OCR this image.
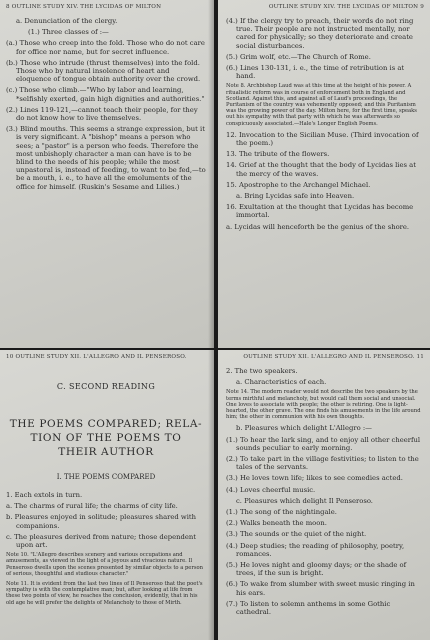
8 OUTLINE STUDY XIV. THE LYCIDAS OF MILTON

a. Denunciation of the clergy.

(1.) Three classes of :—

(a.) Those who creep into the fold. Those who do not care for office nor name, but for secret influence.

(b.) Those who intrude (thrust themselves) into the fold. Those who by natural insolence of heart and eloquence of tongue obtain authority over the crowd.

(c.) Those who climb.—"Who by labor and learning, *selfishly exerted, gain high dignities and authorities."

(2.) Lines 119-121,—cannot teach their people, for they do not know how to live themselves.

(3.) Blind mouths. This seems a strange expression, but it is very significant. A "bishop" means a person who sees; a "pastor" is a person who feeds. Therefore the most unbishoply character a man can have is to be blind to the needs of his people; while the most unpastoral is, instead of feeding, to want to be fed,—to be a mouth, i. e., to have all the emoluments of the office for himself. (Ruskin's Sesame and Lilies.)

OUTLINE STUDY XIV. THE LYCIDAS OF MILTON 9

(4.) If the clergy try to preach, their words do not ring true. Their people are not instructed mentally, nor cared for physically; so they deteriorate and create social disturbances.

(5.) Grim wolf, etc.—The Church of Rome.

(6.) Lines 130-131, i. e., the time of retribution is at hand.

Note 8. Archbishop Laud was at this time at the height of his power. A ritualistic reform was in course of enforcement both in England and Scotland. Against this, and against all of Laud's proceedings, the Puritanism of the country was vehemently opposed; and this Puritanism was the growing power of the day. Milton here, for the first time, speaks out his sympathy with that party with which he was afterwards so conspicuously associated.—Hale's Longer English Poems.

12. Invocation to the Sicilian Muse. (Third invocation of the poem.)

13. The tribute of the flowers.

14. Grief at the thought that the body of Lycidas lies at the mercy of the waves.

15. Apostrophe to the Archangel Michael.

a. Bring Lycidas safe into Heaven.

16. Exultation at the thought that Lycidas has become immortal.

a. Lycidas will henceforth be the genius of the shore.

10 OUTLINE STUDY XII. L'ALLEGRO AND IL PENSEROSO.
C. SECOND READING

THE POEMS COMPARED; RELA-

TION OF THE POEMS TO

THEIR AUTHOR

I. THE POEMS COMPARED

1. Each extols in turn.

a. The charms of rural life; the charms of city life.

b. Pleasures enjoyed in solitude; pleasures shared with companions.

c. The pleasures derived from nature; those dependent upon art.

Note 10. "L'Allegro describes scenery and various occupations and amusements, as viewed in the light of a joyous and vivacious nature. Il Penseroso dwells upon the scenes presented by similar objects to a person of serious, thoughtful and studious character."

Note 11. It is evident from the last two lines of Il Penseroso that the poet's sympathy is with the contemplative man; but, after looking at life from these two points of view, he reaches the conclusion, evidently, that in his old age he will prefer the delights of Melancholy to those of Mirth.

OUTLINE STUDY XII. L'ALLEGRO AND IL PENSEROSO. 11

2. The two speakers.

a. Characteristics of each.

Note 14. The modern reader would not describe the two speakers by the terms mirthful and melancholy, but would call them social and unsocial. One loves to associate with people; the other is retiring. One is light-hearted, the other grave. The one finds his amusements in the life around him; the other in communion with his own thoughts.

b. Pleasures which delight L'Allegro :—

(1.) To hear the lark sing, and to enjoy all other cheerful sounds peculiar to early morning.

(2.) To take part in the village festivities; to listen to the tales of the servants.

(3.) He loves town life; likes to see comedies acted.

(4.) Loves cheerful music.

c. Pleasures which delight Il Penseroso.

(1.) The song of the nightingale.

(2.) Walks beneath the moon.

(3.) The sounds or the quiet of the night.

(4.) Deep studies; the reading of philosophy, poetry, romances.

(5.) He loves night and gloomy days; or the shade of trees, if the sun is bright.

(6.) To wake from slumber with sweet music ringing in his ears.

(7.) To listen to solemn anthems in some Gothic cathedral.
